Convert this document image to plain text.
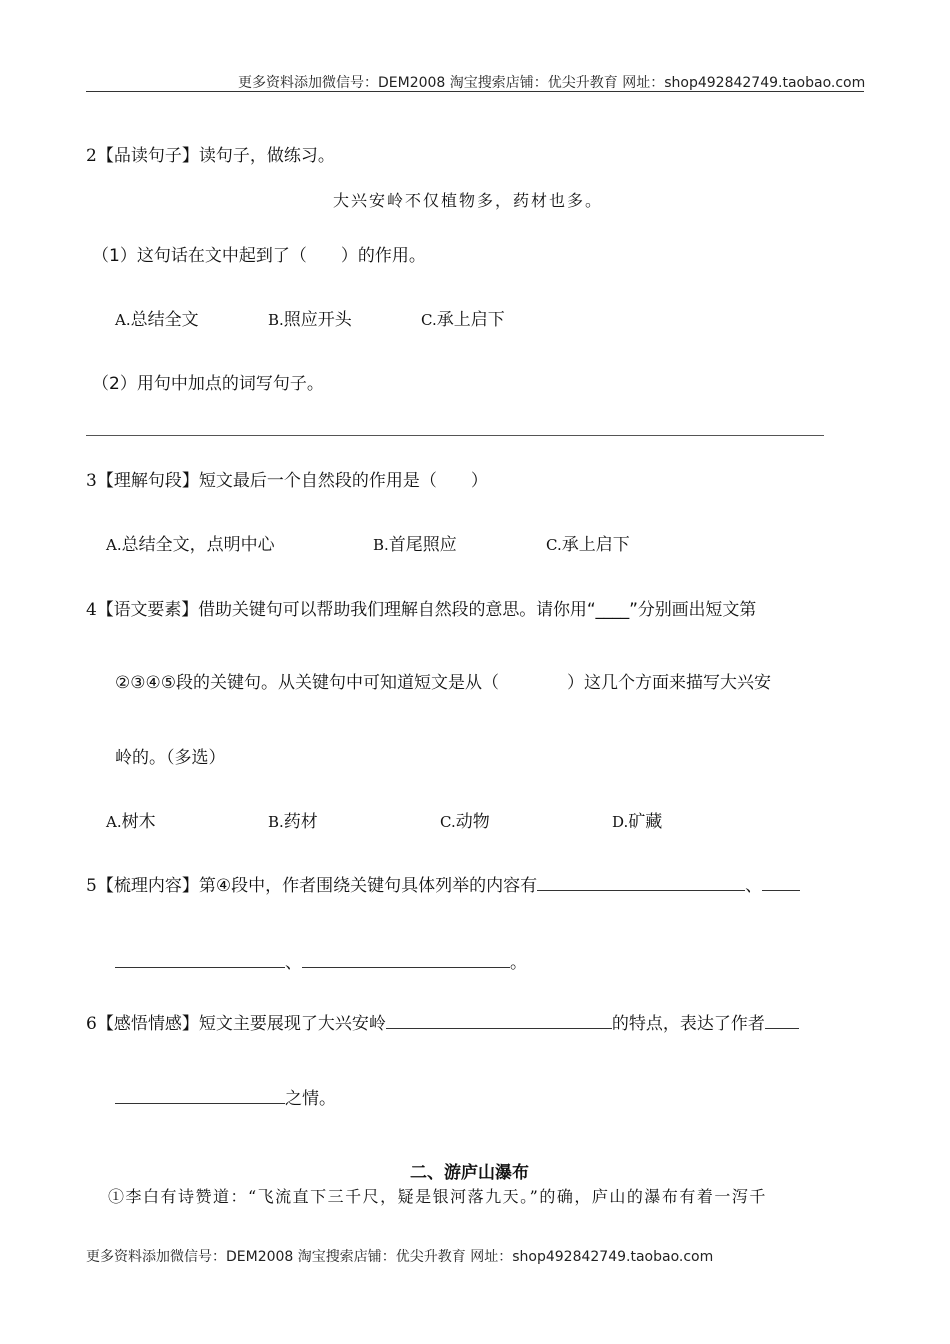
更多资料添加微信号：DEM2008 淘宝搜索店铺：优尖升教育 网址：shop492842749.taobao.com
2【品读句子】读句子，做练习。
大兴安岭不仅植物多，药材也多。
（1）这句话在文中起到了（　　）的作用。
A.总结全文	B.照应开头	C.承上启下
（2）用句中加点的词写句子。
3【理解句段】短文最后一个自然段的作用是（　　）
A.总结全文，点明中心	B.首尾照应	C.承上启下
4【语文要素】借助关键句可以帮助我们理解自然段的意思。请你用“____”分别画出短文第
②③④⑤段的关键句。从关键句中可知道短文是从（　　　　）这几个方面来描写大兴安
岭的。（多选）
A.树木	B.药材	C.动物	D.矿藏
5【梳理内容】第④段中，作者围绕关键句具体列举的内容有	、
、	。
6【感悟情感】短文主要展现了大兴安岭	的特点，表达了作者
之情。
二、游庐山瀑布
①李白有诗赞道：“飞流直下三千尺，疑是银河落九天。”的确，庐山的瀑布有着一泻千
更多资料添加微信号：DEM2008 淘宝搜索店铺：优尖升教育 网址：shop492842749.taobao.com
